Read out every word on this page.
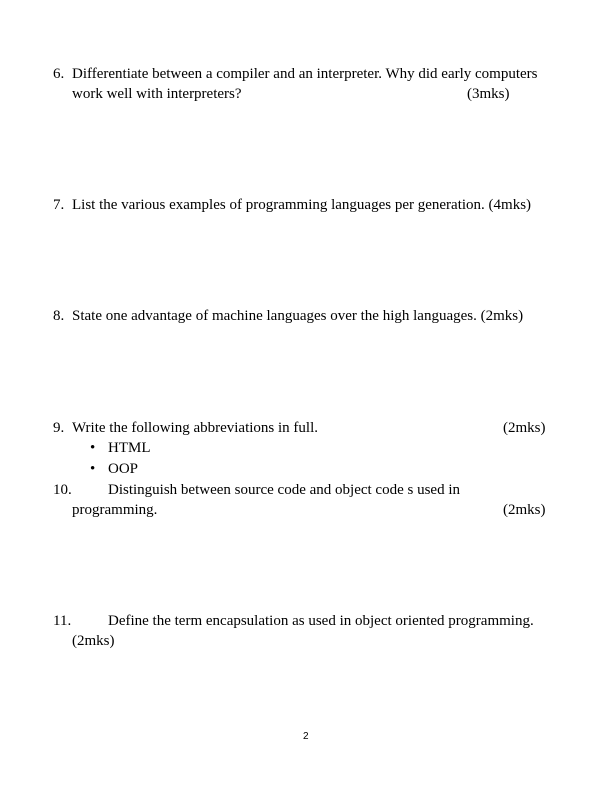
6. Differentiate between a compiler and an interpreter. Why did early computers
work well with interpreters?	(3mks)
7. List the various examples of programming languages per generation. (4mks)
8. State one advantage of machine languages over the high languages. (2mks)
9. Write the following abbreviations in full.	(2mks)
• HTML
• OOP
10. Distinguish between source code and object code s used in
programming.	(2mks)
11. Define the term encapsulation as used in object oriented programming.
(2mks)
2
